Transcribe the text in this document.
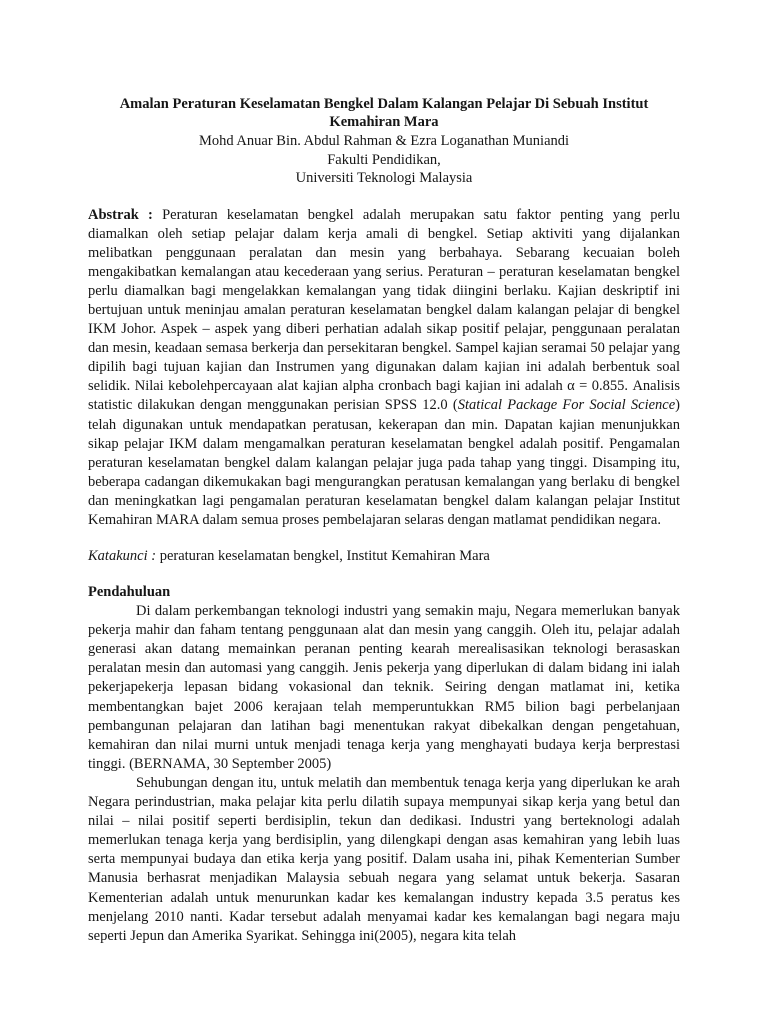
Amalan Peraturan Keselamatan Bengkel Dalam Kalangan Pelajar Di Sebuah Institut Kemahiran Mara
Mohd Anuar Bin. Abdul Rahman & Ezra Loganathan Muniandi
Fakulti Pendidikan,
Universiti Teknologi Malaysia
Abstrak : Peraturan keselamatan bengkel adalah merupakan satu faktor penting yang perlu diamalkan oleh setiap pelajar dalam kerja amali di bengkel. Setiap aktiviti yang dijalankan melibatkan penggunaan peralatan dan mesin yang berbahaya. Sebarang kecuaian boleh mengakibatkan kemalangan atau kecederaan yang serius. Peraturan – peraturan keselamatan bengkel perlu diamalkan bagi mengelakkan kemalangan yang tidak diingini berlaku. Kajian deskriptif ini bertujuan untuk meninjau amalan peraturan keselamatan bengkel dalam kalangan pelajar di bengkel IKM Johor. Aspek – aspek yang diberi perhatian adalah sikap positif pelajar, penggunaan peralatan dan mesin, keadaan semasa berkerja dan persekitaran bengkel. Sampel kajian seramai 50 pelajar yang dipilih bagi tujuan kajian dan Instrumen yang digunakan dalam kajian ini adalah berbentuk soal selidik. Nilai kebolehpercayaan alat kajian alpha cronbach bagi kajian ini adalah α = 0.855. Analisis statistic dilakukan dengan menggunakan perisian SPSS 12.0 (Statical Package For Social Science) telah digunakan untuk mendapatkan peratusan, kekerapan dan min. Dapatan kajian menunjukkan sikap pelajar IKM dalam mengamalkan peraturan keselamatan bengkel adalah positif. Pengamalan peraturan keselamatan bengkel dalam kalangan pelajar juga pada tahap yang tinggi. Disamping itu, beberapa cadangan dikemukakan bagi mengurangkan peratusan kemalangan yang berlaku di bengkel dan meningkatkan lagi pengamalan peraturan keselamatan bengkel dalam kalangan pelajar Institut Kemahiran MARA dalam semua proses pembelajaran selaras dengan matlamat pendidikan negara.
Katakunci : peraturan keselamatan bengkel, Institut Kemahiran Mara
Pendahuluan

Di dalam perkembangan teknologi industri yang semakin maju, Negara memerlukan banyak pekerja mahir dan faham tentang penggunaan alat dan mesin yang canggih. Oleh itu, pelajar adalah generasi akan datang memainkan peranan penting kearah merealisasikan teknologi berasaskan peralatan mesin dan automasi yang canggih. Jenis pekerja yang diperlukan di dalam bidang ini ialah pekerjapekerja lepasan bidang vokasional dan teknik. Seiring dengan matlamat ini, ketika membentangkan bajet 2006 kerajaan telah memperuntukkan RM5 bilion bagi perbelanjaan pembangunan pelajaran dan latihan bagi menentukan rakyat dibekalkan dengan pengetahuan, kemahiran dan nilai murni untuk menjadi tenaga kerja yang menghayati budaya kerja berprestasi tinggi. (BERNAMA, 30 September 2005)

Sehubungan dengan itu, untuk melatih dan membentuk tenaga kerja yang diperlukan ke arah Negara perindustrian, maka pelajar kita perlu dilatih supaya mempunyai sikap kerja yang betul dan nilai – nilai positif seperti berdisiplin, tekun dan dedikasi. Industri yang berteknologi adalah memerlukan tenaga kerja yang berdisiplin, yang dilengkapi dengan asas kemahiran yang lebih luas serta mempunyai budaya dan etika kerja yang positif. Dalam usaha ini, pihak Kementerian Sumber Manusia berhasrat menjadikan Malaysia sebuah negara yang selamat untuk bekerja. Sasaran Kementerian adalah untuk menurunkan kadar kes kemalangan industry kepada 3.5 peratus kes menjelang 2010 nanti. Kadar tersebut adalah menyamai kadar kes kemalangan bagi negara maju seperti Jepun dan Amerika Syarikat. Sehingga ini(2005), negara kita telah
